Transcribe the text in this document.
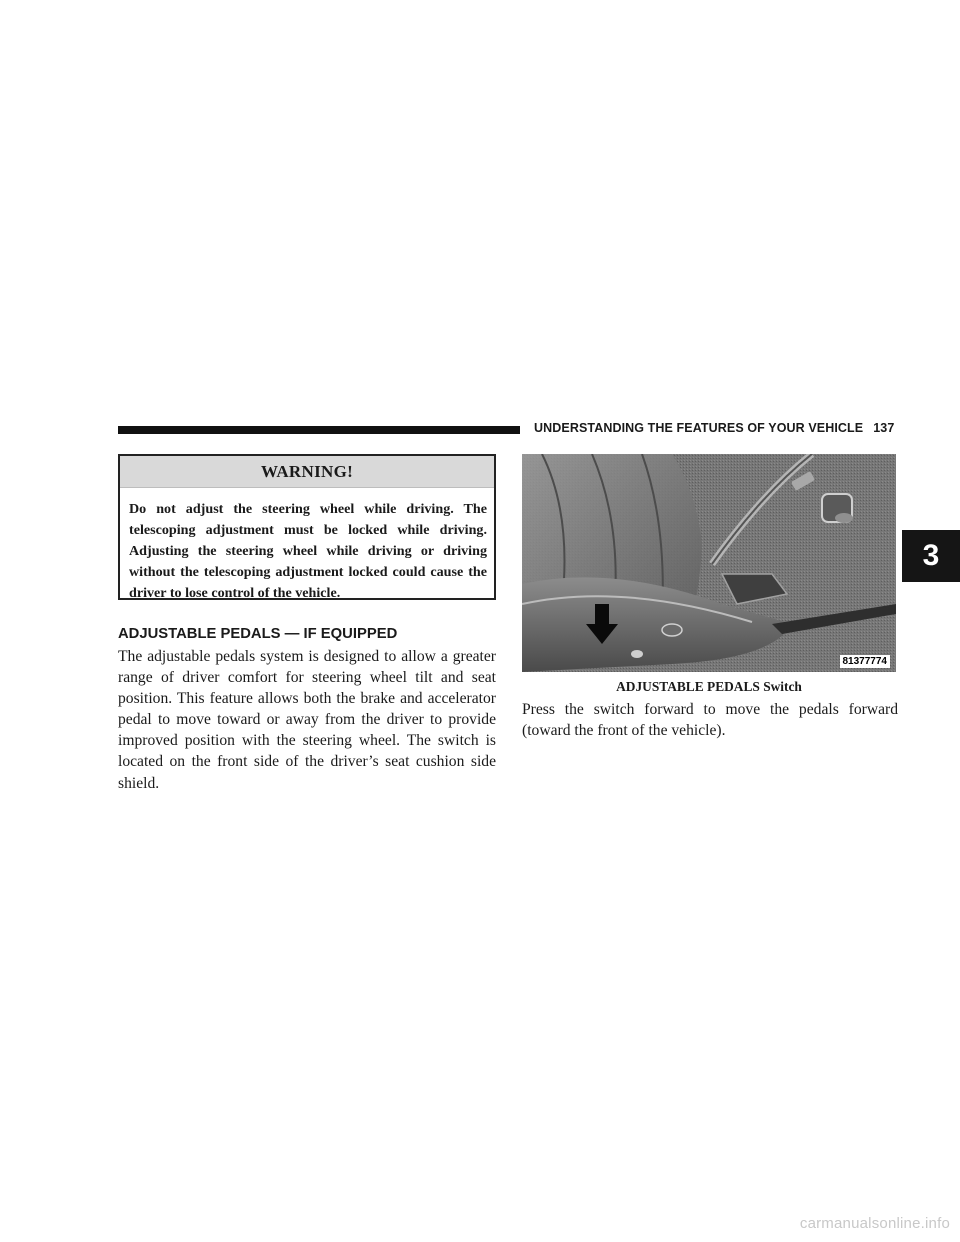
UNDERSTANDING THE FEATURES OF YOUR VEHICLE 137
3
WARNING!
Do not adjust the steering wheel while driving. The telescoping adjustment must be locked while driving. Adjusting the steering wheel while driving or driving without the telescoping adjustment locked could cause the driver to lose control of the vehicle.
ADJUSTABLE PEDALS — IF EQUIPPED
The adjustable pedals system is designed to allow a greater range of driver comfort for steering wheel tilt and seat position. This feature allows both the brake and accelerator pedal to move toward or away from the driver to provide improved position with the steering wheel. The switch is located on the front side of the driver’s seat cushion side shield.
81377774
ADJUSTABLE PEDALS Switch
Press the switch forward to move the pedals forward (toward the front of the vehicle).
carmanualsonline.info
